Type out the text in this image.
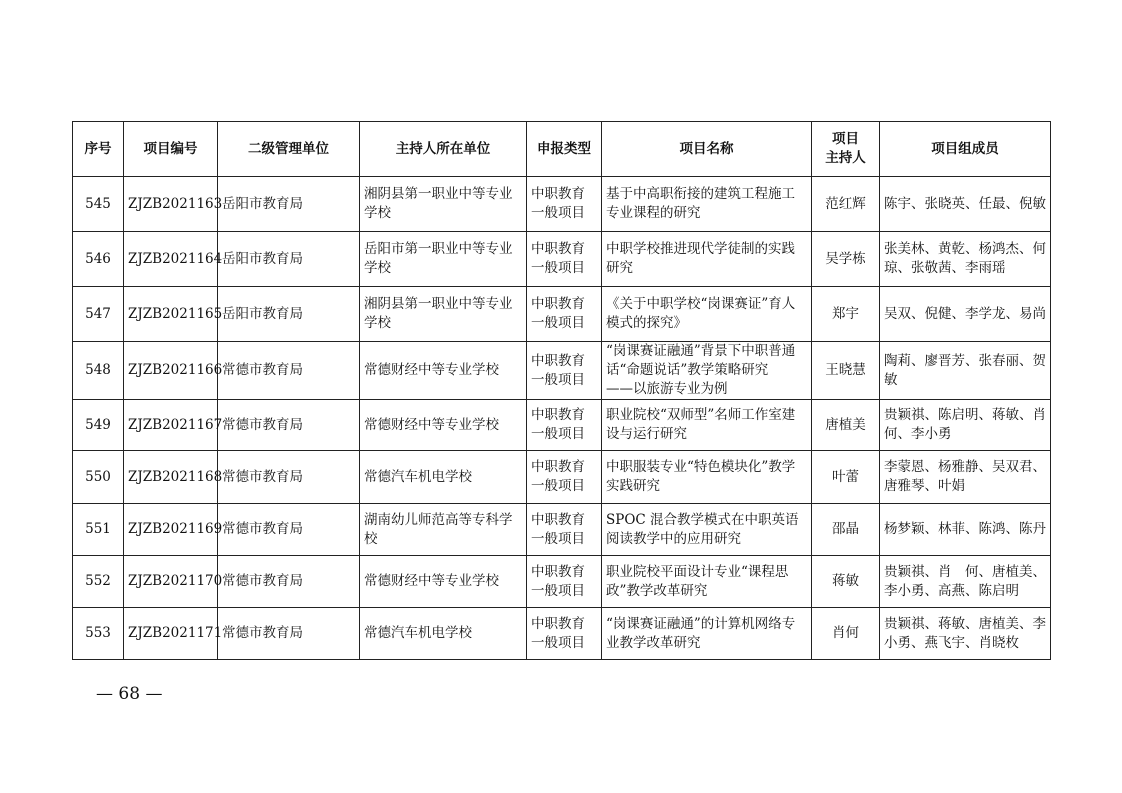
序号	项目编号	二级管理单位	主持人所在单位	申报类型	项目名称	项目
主持人	项目组成员
545	ZJZB2021163	岳阳市教育局	湘阴县第一职业中等专业学校	中职教育一般项目	基于中高职衔接的建筑工程施工专业课程的研究	范红辉	陈宇、张晓英、任最、倪敏
546	ZJZB2021164	岳阳市教育局	岳阳市第一职业中等专业学校	中职教育一般项目	中职学校推进现代学徒制的实践研究	吴学栋	张美林、黄乾、杨鸿杰、何琼、张敬茜、李雨瑶
547	ZJZB2021165	岳阳市教育局	湘阴县第一职业中等专业学校	中职教育一般项目	《关于中职学校“岗课赛证”育人模式的探究》	郑宇	吴双、倪健、李学龙、易尚
548	ZJZB2021166	常德市教育局	常德财经中等专业学校	中职教育一般项目	“岗课赛证融通”背景下中职普通话“命题说话”教学策略研究　——以旅游专业为例	王晓慧	陶莉、廖晋芳、张春丽、贺敏
549	ZJZB2021167	常德市教育局	常德财经中等专业学校	中职教育一般项目	职业院校“双师型”名师工作室建设与运行研究	唐植美	贵颖祺、陈启明、蒋敏、肖何、李小勇
550	ZJZB2021168	常德市教育局	常德汽车机电学校	中职教育一般项目	中职服装专业“特色模块化”教学实践研究	叶蕾	李蒙恩、杨雅静、吴双君、唐雅琴、叶娟
551	ZJZB2021169	常德市教育局	湖南幼儿师范高等专科学校	中职教育一般项目	SPOC 混合教学模式在中职英语阅读教学中的应用研究	邵晶	杨梦颖、林菲、陈鸿、陈丹
552	ZJZB2021170	常德市教育局	常德财经中等专业学校	中职教育一般项目	职业院校平面设计专业“课程思政”教学改革研究	蒋敏	贵颖祺、肖　何、唐植美、李小勇、高燕、陈启明
553	ZJZB2021171	常德市教育局	常德汽车机电学校	中职教育一般项目	“岗课赛证融通”的计算机网络专业教学改革研究	肖何	贵颖祺、蒋敏、唐植美、李小勇、燕飞宇、肖晓枚
— 68 —
